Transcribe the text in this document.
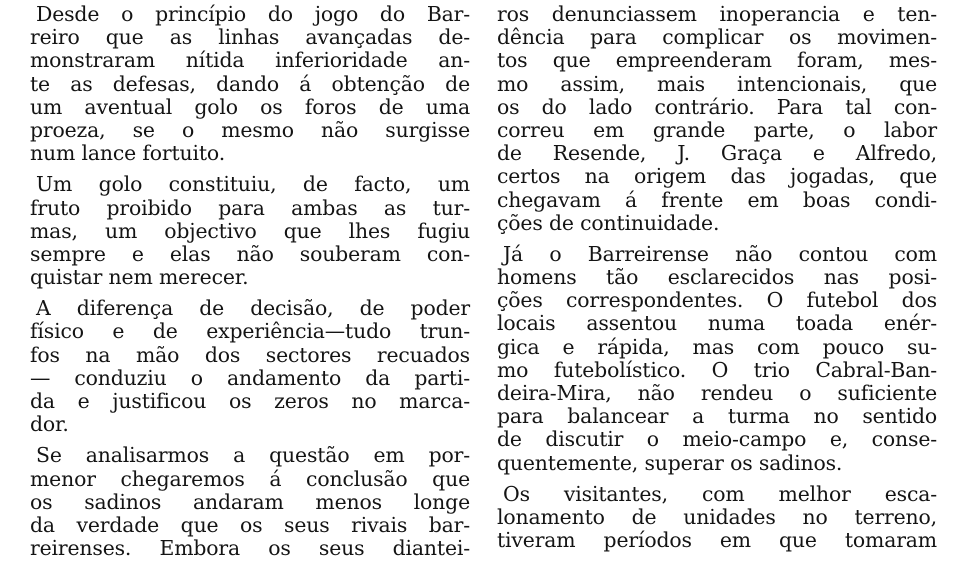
Desde o princípio do jogo do Bar-
reiro que as linhas avançadas de-
monstraram nítida inferioridade an-
te as defesas, dando á obtenção de
um aventual golo os foros de uma
proeza, se o mesmo não surgisse
num lance fortuito.

Um golo constituiu, de facto, um
fruto proibido para ambas as tur-
mas, um objectivo que lhes fugiu
sempre e elas não souberam con-
quistar nem merecer.

A diferença de decisão, de poder
físico e de experiência—tudo trun-
fos na mão dos sectores recuados
— conduziu o andamento da parti-
da e justificou os zeros no marca-
dor.

Se analisarmos a questão em por-
menor chegaremos á conclusão que
os sadinos andaram menos longe
da verdade que os seus rivais bar-
reirenses. Embora os seus diantei-

ros denunciassem inoperancia e ten-
dência para complicar os movimen-
tos que empreenderam foram, mes-
mo assim, mais intencionais, que
os do lado contrário. Para tal con-
correu em grande parte, o labor
de Resende, J. Graça e Alfredo,
certos na origem das jogadas, que
chegavam á frente em boas condi-
ções de continuidade.

Já o Barreirense não contou com
homens tão esclarecidos nas posi-
ções correspondentes. O futebol dos
locais assentou numa toada enér-
gica e rápida, mas com pouco su-
mo futebolístico. O trio Cabral-Ban-
deira-Mira, não rendeu o suficiente
para balancear a turma no sentido
de discutir o meio-campo e, conse-
quentemente, superar os sadinos.

Os visitantes, com melhor esca-
lonamento de unidades no terreno,
tiveram períodos em que tomaram
